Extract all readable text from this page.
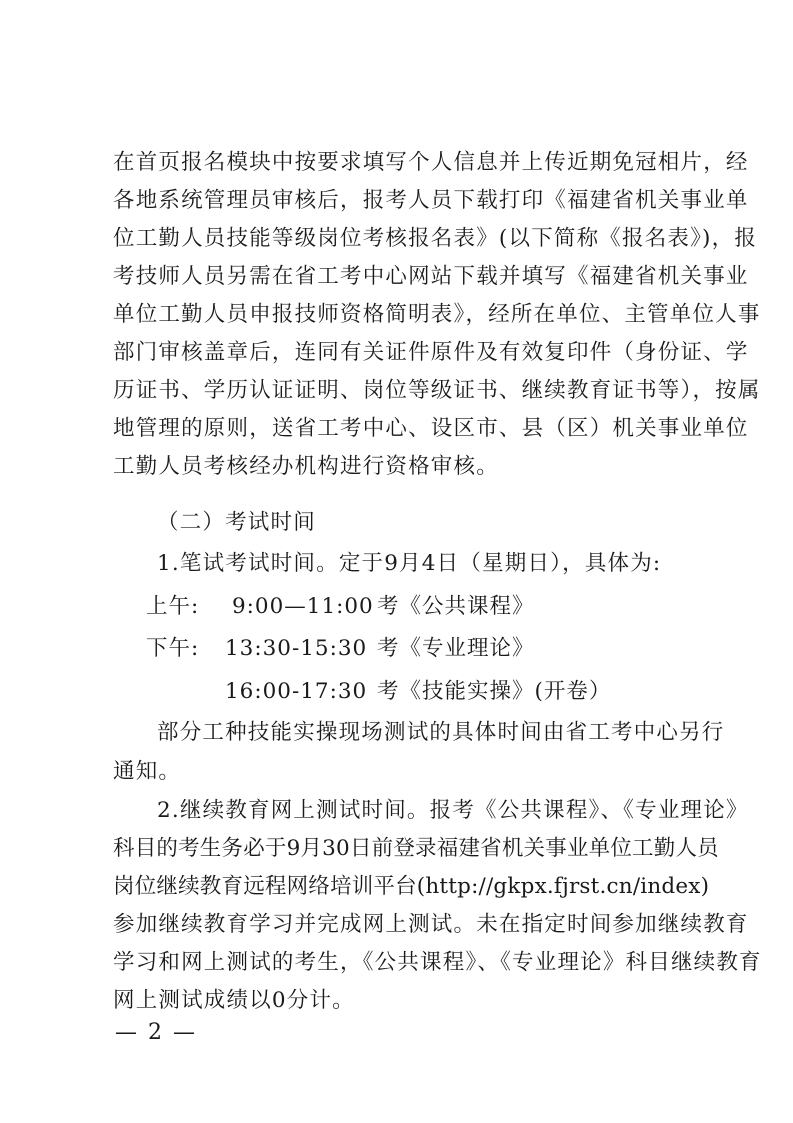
在首页报名模块中按要求填写个人信息并上传近期免冠相片，经
各地系统管理员审核后，报考人员下载打印《福建省机关事业单
位工勤人员技能等级岗位考核报名表》(以下简称《报名表》)，报
考技师人员另需在省工考中心网站下载并填写《福建省机关事业
单位工勤人员申报技师资格简明表》，经所在单位、主管单位人事
部门审核盖章后，连同有关证件原件及有效复印件（身份证、学
历证书、学历认证证明、岗位等级证书、继续教育证书等），按属
地管理的原则，送省工考中心、设区市、县（区）机关事业单位
工勤人员考核经办机构进行资格审核。
（二）考试时间
1.笔试考试时间。定于9月4日（星期日），具体为:
上午: 9:00—11:00 考《公共课程》
下午: 13:30-15:30 考《专业理论》
16:00-17:30 考《技能实操》(开卷）
部分工种技能实操现场测试的具体时间由省工考中心另行
通知。
2.继续教育网上测试时间。报考《公共课程》、《专业理论》
科目的考生务必于9月30日前登录福建省机关事业单位工勤人员
岗位继续教育远程网络培训平台(http://gkpx.fjrst.cn/index)
参加继续教育学习并完成网上测试。未在指定时间参加继续教育
学习和网上测试的考生，《公共课程》、《专业理论》科目继续教育
网上测试成绩以0分计。
— 2 —
